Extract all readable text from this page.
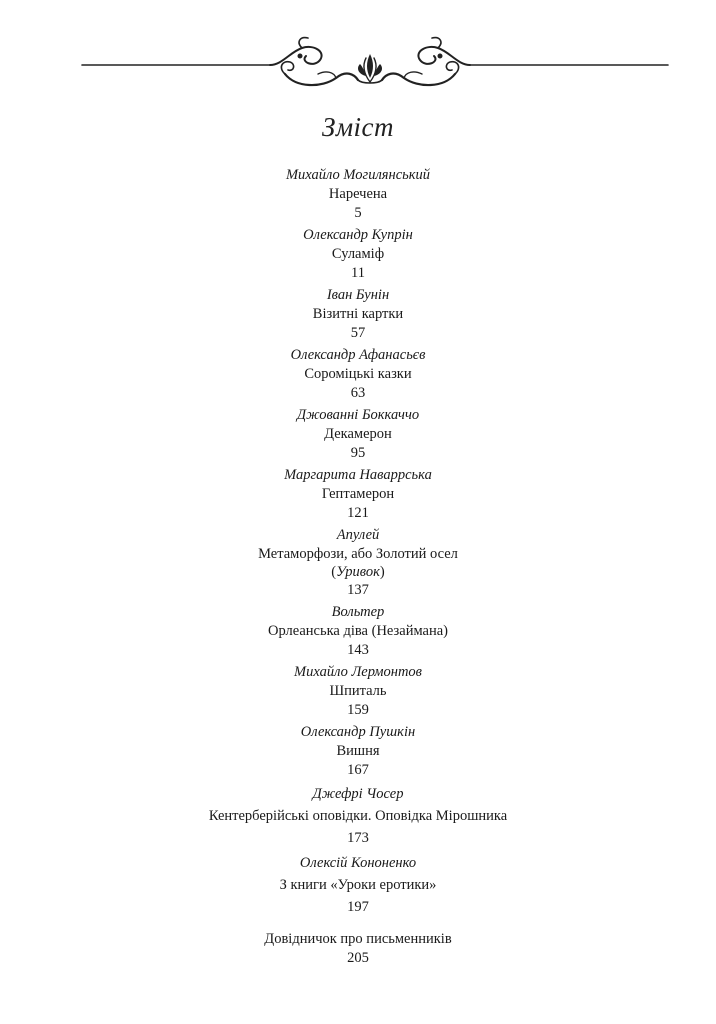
Зміст
Михайло Могилянський
Наречена
5
Олександр Купрін
Суламіф
11
Іван Бунін
Візитні картки
57
Олександр Афанасьєв
Сороміцькі казки
63
Джованні Боккаччо
Декамерон
95
Маргарита Наваррська
Гептамерон
121
Апулей
Метаморфози, або Золотий осел
(Уривок)
137
Вольтер
Орлеанська діва (Незаймана)
143
Михайло Лермонтов
Шпиталь
159
Олександр Пушкін
Вишня
167
Джефрі Чосер
Кентерберійські оповідки. Оповідка Мірошника
173
Олексій Кононенко
З книги «Уроки еротики»
197
Довідничок про письменників
205
